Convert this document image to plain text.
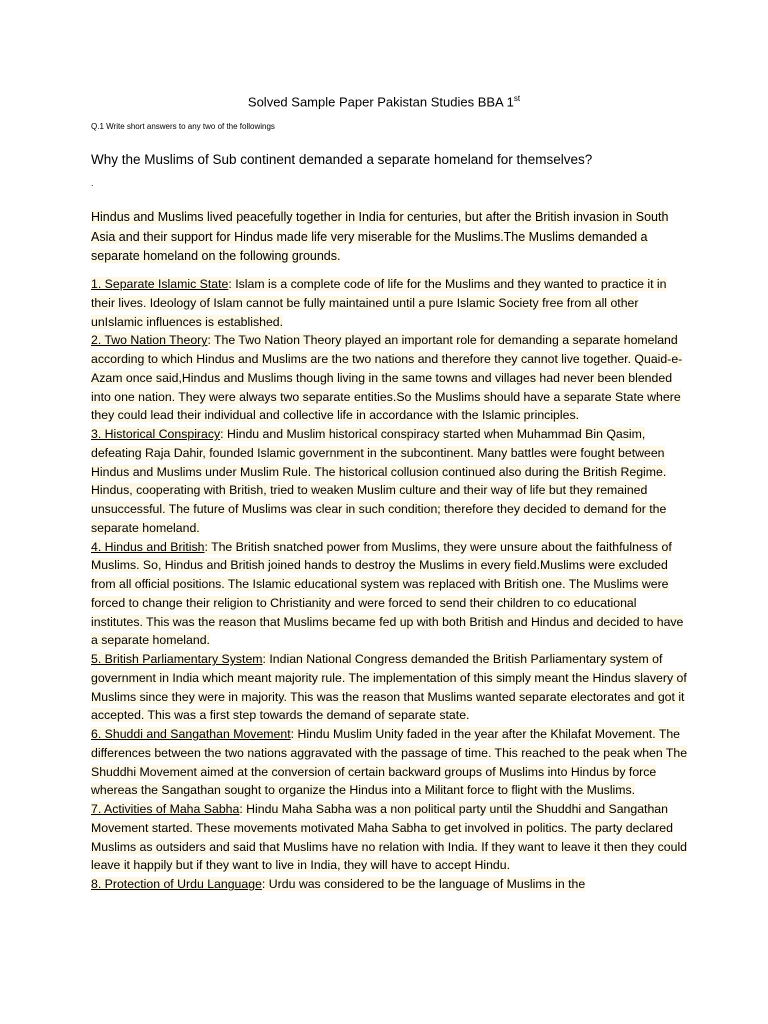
Solved Sample Paper Pakistan Studies BBA 1st
Q.1 Write short answers to any two of the followings
Why the Muslims of Sub continent demanded a separate homeland for themselves?
.
Hindus and Muslims lived peacefully together in India for centuries, but after the British invasion in South Asia and their support for Hindus made life very miserable for the Muslims.The Muslims demanded a separate homeland on the following grounds.

1. Separate Islamic State: Islam is a complete code of life for the Muslims and they wanted to practice it in their lives. Ideology of Islam cannot be fully maintained until a pure Islamic Society free from all other unIslamic influences is established.

2. Two Nation Theory: The Two Nation Theory played an important role for demanding a separate homeland according to which Hindus and Muslims are the two nations and therefore they cannot live together. Quaid-e-Azam once said,Hindus and Muslims though living in the same towns and villages had never been blended into one nation. They were always two separate entities.So the Muslims should have a separate State where they could lead their individual and collective life in accordance with the Islamic principles.

3. Historical Conspiracy: Hindu and Muslim historical conspiracy started when Muhammad Bin Qasim, defeating Raja Dahir, founded Islamic government in the subcontinent. Many battles were fought between Hindus and Muslims under Muslim Rule. The historical collusion continued also during the British Regime. Hindus, cooperating with British, tried to weaken Muslim culture and their way of life but they remained unsuccessful. The future of Muslims was clear in such condition; therefore they decided to demand for the separate homeland.

4. Hindus and British: The British snatched power from Muslims, they were unsure about the faithfulness of Muslims. So, Hindus and British joined hands to destroy the Muslims in every field.Muslims were excluded from all official positions. The Islamic educational system was replaced with British one. The Muslims were forced to change their religion to Christianity and were forced to send their children to co educational institutes. This was the reason that Muslims became fed up with both British and Hindus and decided to have a separate homeland.

5. British Parliamentary System: Indian National Congress demanded the British Parliamentary system of government in India which meant majority rule. The implementation of this simply meant the Hindus slavery of Muslims since they were in majority. This was the reason that Muslims wanted separate electorates and got it accepted. This was a first step towards the demand of separate state.

6. Shuddi and Sangathan Movement: Hindu Muslim Unity faded in the year after the Khilafat Movement. The differences between the two nations aggravated with the passage of time. This reached to the peak when The Shuddhi Movement aimed at the conversion of certain backward groups of Muslims into Hindus by force whereas the Sangathan sought to organize the Hindus into a Militant force to flight with the Muslims.

7. Activities of Maha Sabha: Hindu Maha Sabha was a non political party until the Shuddhi and Sangathan Movement started. These movements motivated Maha Sabha to get involved in politics. The party declared Muslims as outsiders and said that Muslims have no relation with India. If they want to leave it then they could leave it happily but if they want to live in India, they will have to accept Hindu.

8. Protection of Urdu Language: Urdu was considered to be the language of Muslims in the
